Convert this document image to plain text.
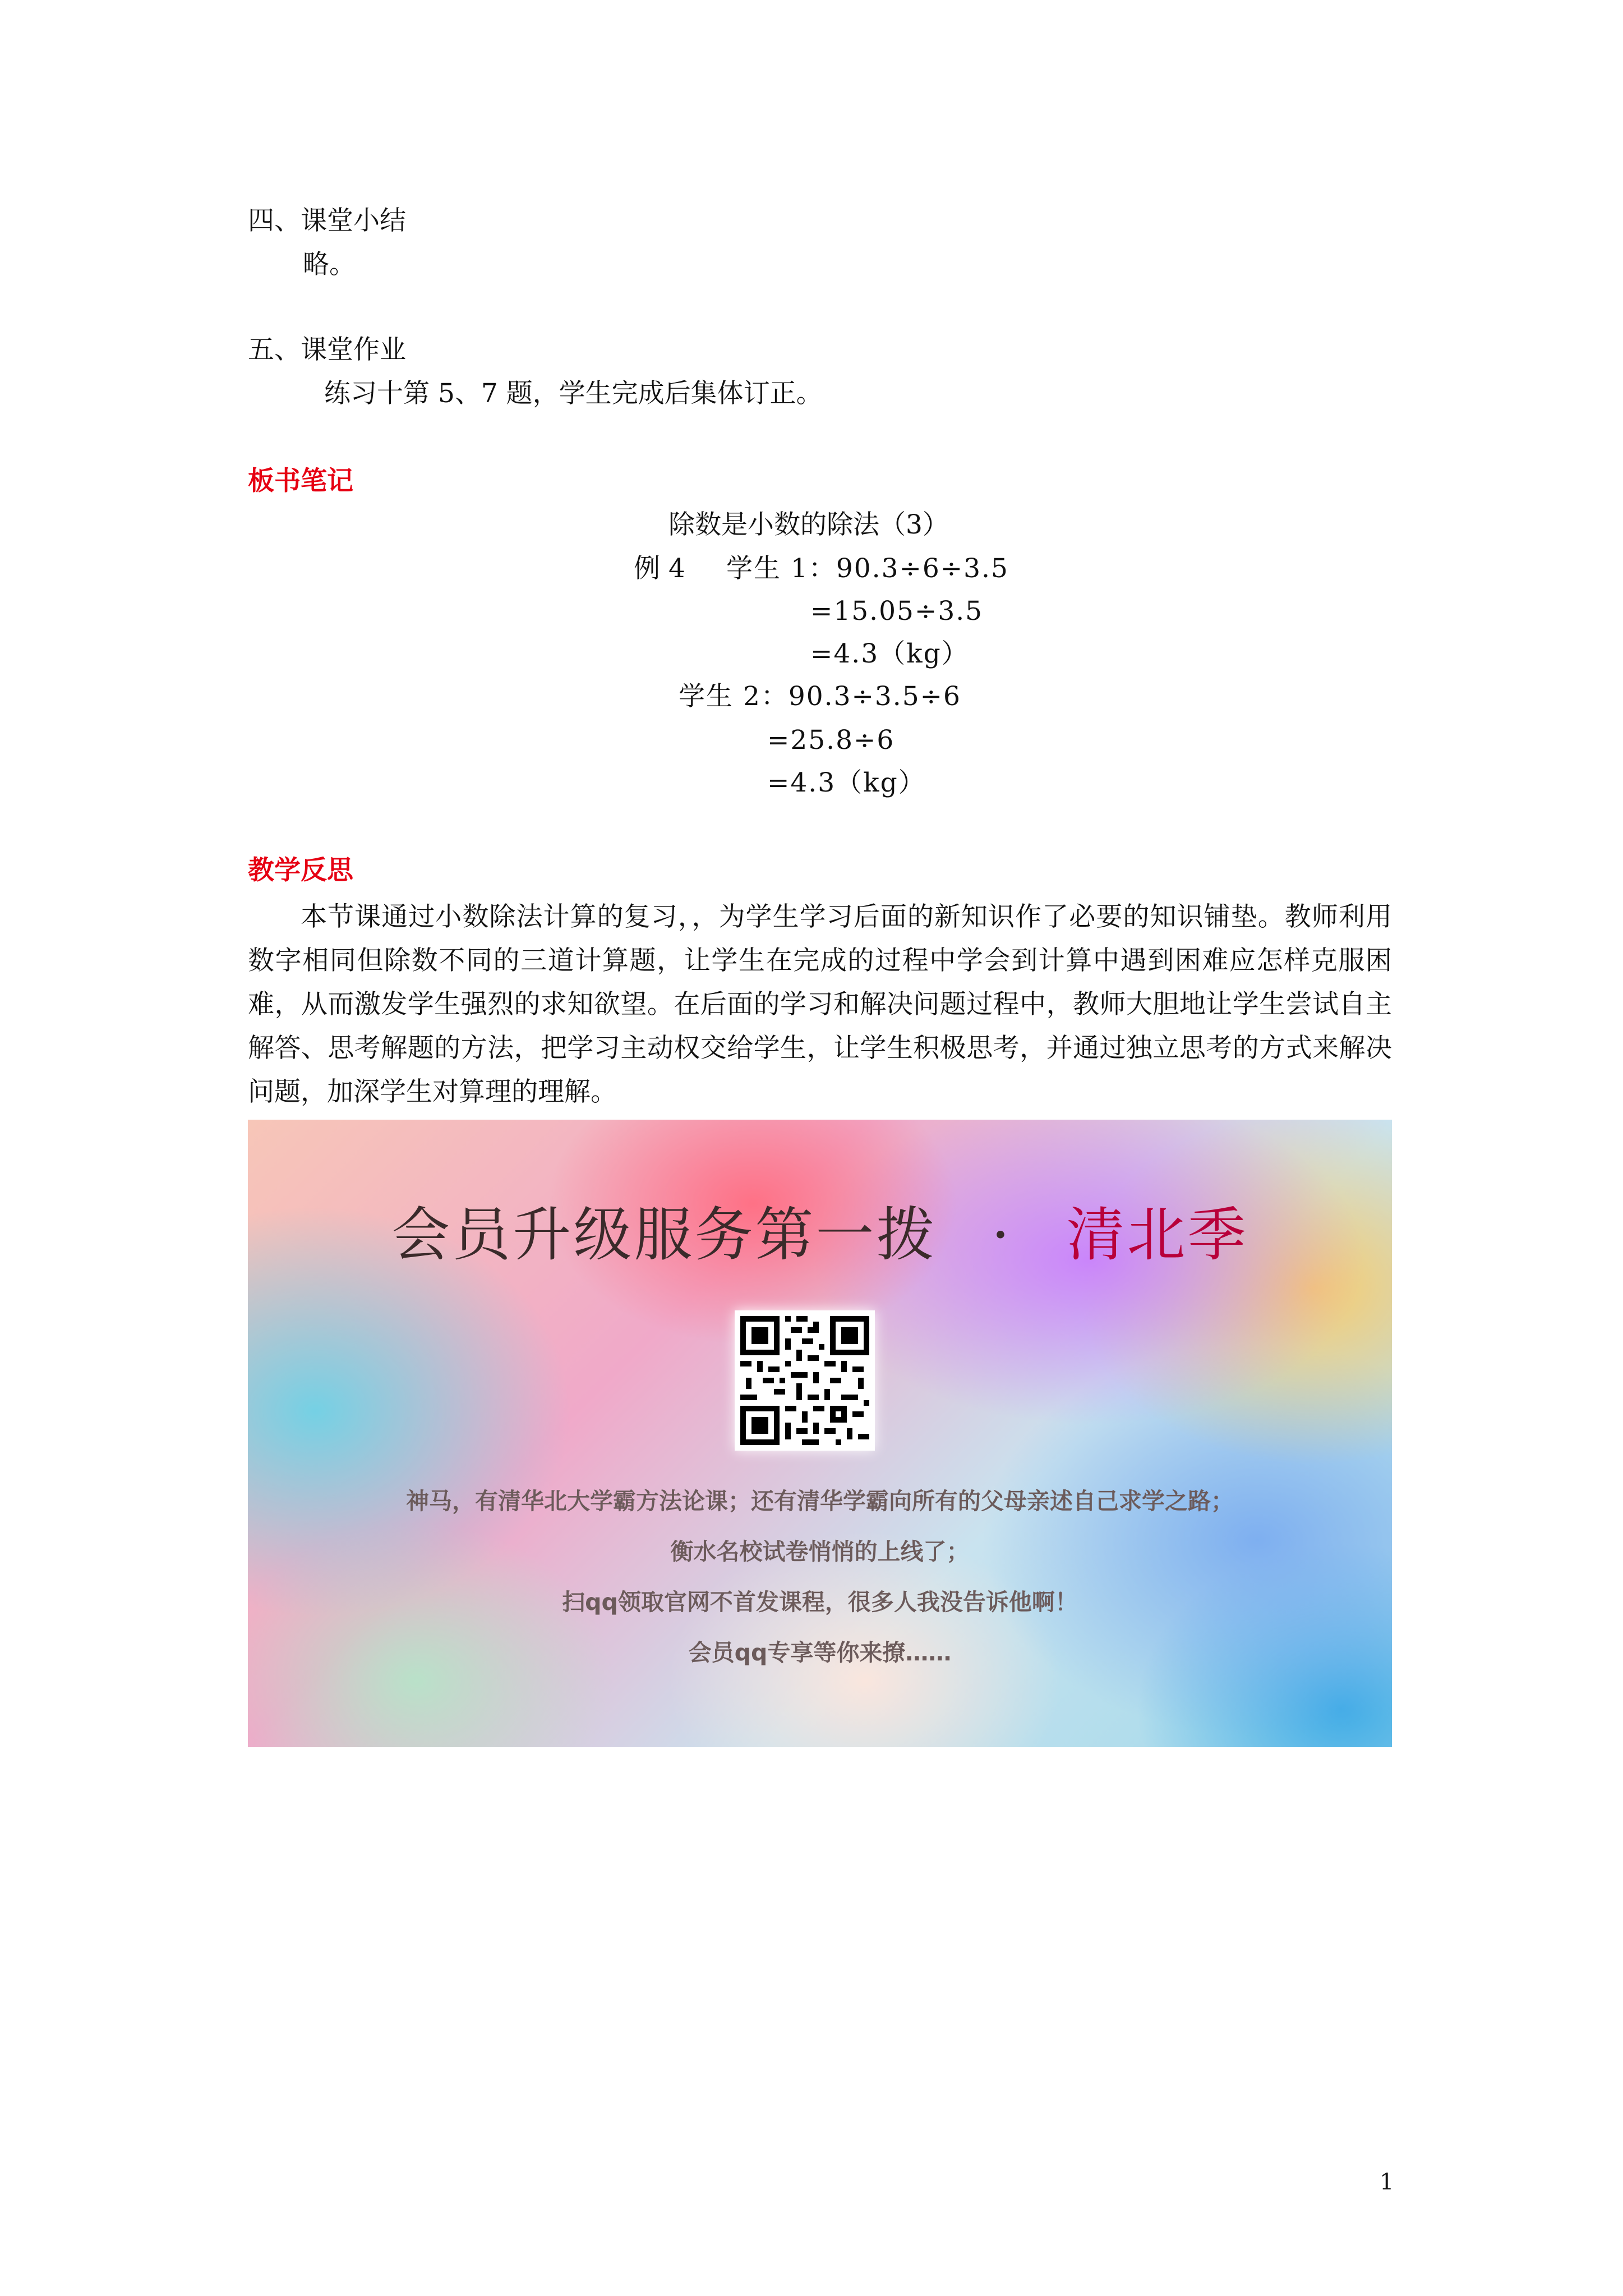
四、课堂小结
略。
五、课堂作业
练习十第 5、7 题，学生完成后集体订正。
板书笔记
除数是小数的除法（3）
例 4 学生 1：90.3÷6÷3.5
=15.05÷3.5
=4.3（kg）
学生 2：90.3÷3.5÷6
=25.8÷6
=4.3（kg）
教学反思
本节课通过小数除法计算的复习，，为学生学习后面的新知识作了必要的知识铺垫。教师利用数字相同但除数不同的三道计算题，让学生在完成的过程中学会到计算中遇到困难应怎样克服困难，从而激发学生强烈的求知欲望。在后面的学习和解决问题过程中，教师大胆地让学生尝试自主解答、思考解题的方法，把学习主动权交给学生，让学生积极思考，并通过独立思考的方式来解决问题，加深学生对算理的理解。
会员升级服务第一拨 · 清北季
神马，有清华北大学霸方法论课；还有清华学霸向所有的父母亲述自己求学之路；
衡水名校试卷悄悄的上线了；
扫qq领取官网不首发课程，很多人我没告诉他啊！
会员qq专享等你来撩……
1
